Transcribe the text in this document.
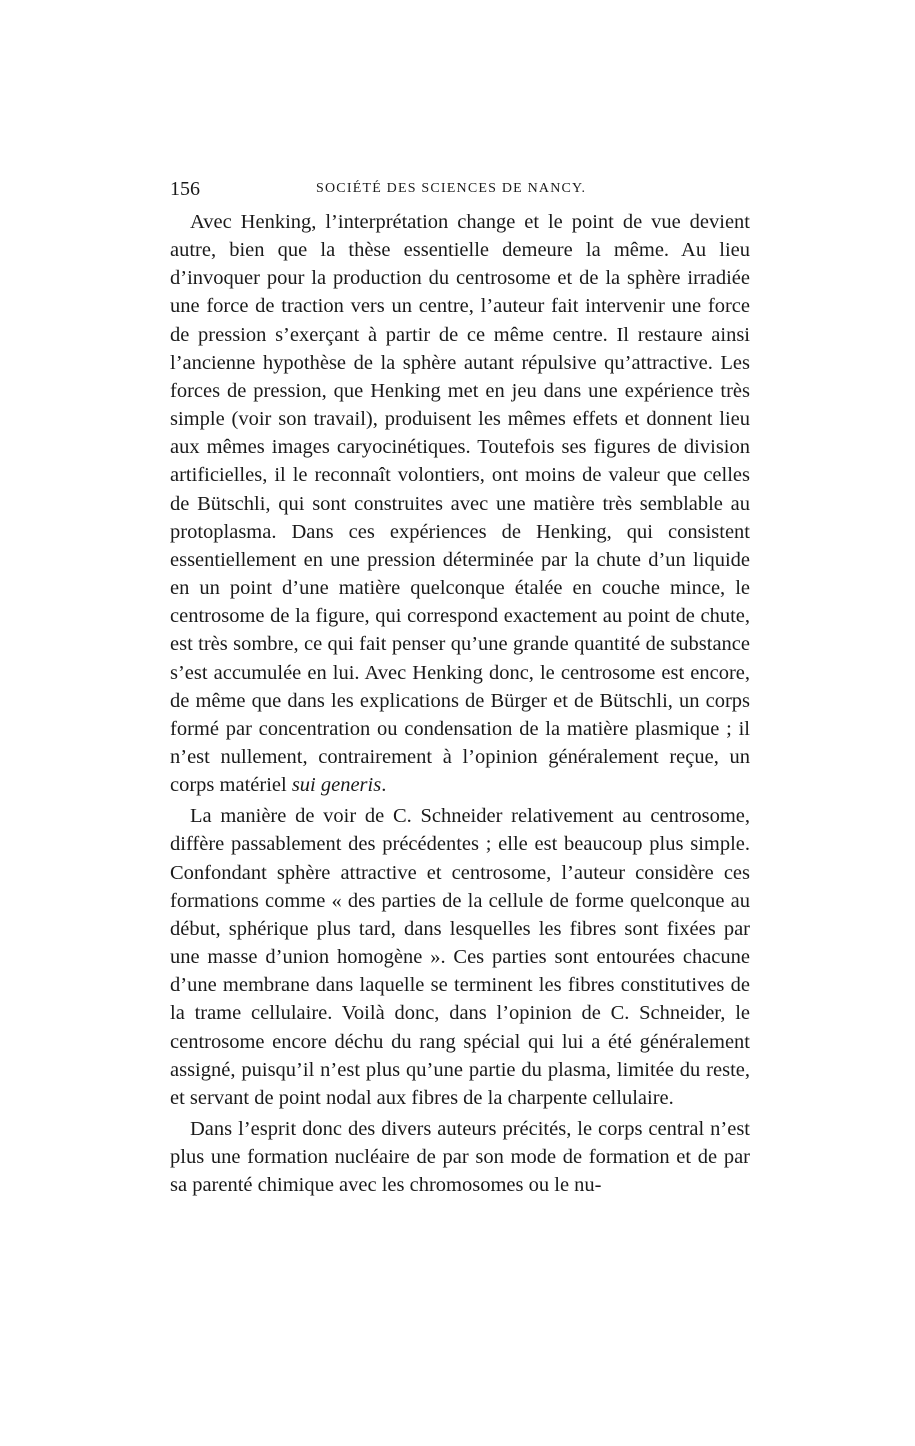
156	SOCIÉTÉ DES SCIENCES DE NANCY.

Avec Henking, l’interprétation change et le point de vue devient autre, bien que la thèse essentielle demeure la même. Au lieu d’invoquer pour la production du centrosome et de la sphère irradiée une force de traction vers un centre, l’auteur fait intervenir une force de pression s’exerçant à partir de ce même centre. Il restaure ainsi l’ancienne hypothèse de la sphère autant répulsive qu’attractive. Les forces de pression, que Henking met en jeu dans une expérience très simple (voir son travail), produisent les mêmes effets et donnent lieu aux mêmes images caryocinétiques. Toutefois ses figures de division artificielles, il le reconnaît volontiers, ont moins de valeur que celles de Bütschli, qui sont construites avec une matière très semblable au protoplasma. Dans ces expériences de Henking, qui consistent essentiellement en une pression déterminée par la chute d’un liquide en un point d’une matière quelconque étalée en couche mince, le centrosome de la figure, qui correspond exactement au point de chute, est très sombre, ce qui fait penser qu’une grande quantité de substance s’est accumulée en lui. Avec Henking donc, le centrosome est encore, de même que dans les explications de Bürger et de Bütschli, un corps formé par concentration ou condensation de la matière plasmique ; il n’est nullement, contrairement à l’opinion généralement reçue, un corps matériel sui generis.

La manière de voir de C. Schneider relativement au centrosome, diffère passablement des précédentes ; elle est beaucoup plus simple. Confondant sphère attractive et centrosome, l’auteur considère ces formations comme « des parties de la cellule de forme quelconque au début, sphérique plus tard, dans lesquelles les fibres sont fixées par une masse d’union homogène ». Ces parties sont entourées chacune d’une membrane dans laquelle se terminent les fibres constitutives de la trame cellulaire. Voilà donc, dans l’opinion de C. Schneider, le centrosome encore déchu du rang spécial qui lui a été généralement assigné, puisqu’il n’est plus qu’une partie du plasma, limitée du reste, et servant de point nodal aux fibres de la charpente cellulaire.

Dans l’esprit donc des divers auteurs précités, le corps central n’est plus une formation nucléaire de par son mode de formation et de par sa parenté chimique avec les chromosomes ou le nu-
